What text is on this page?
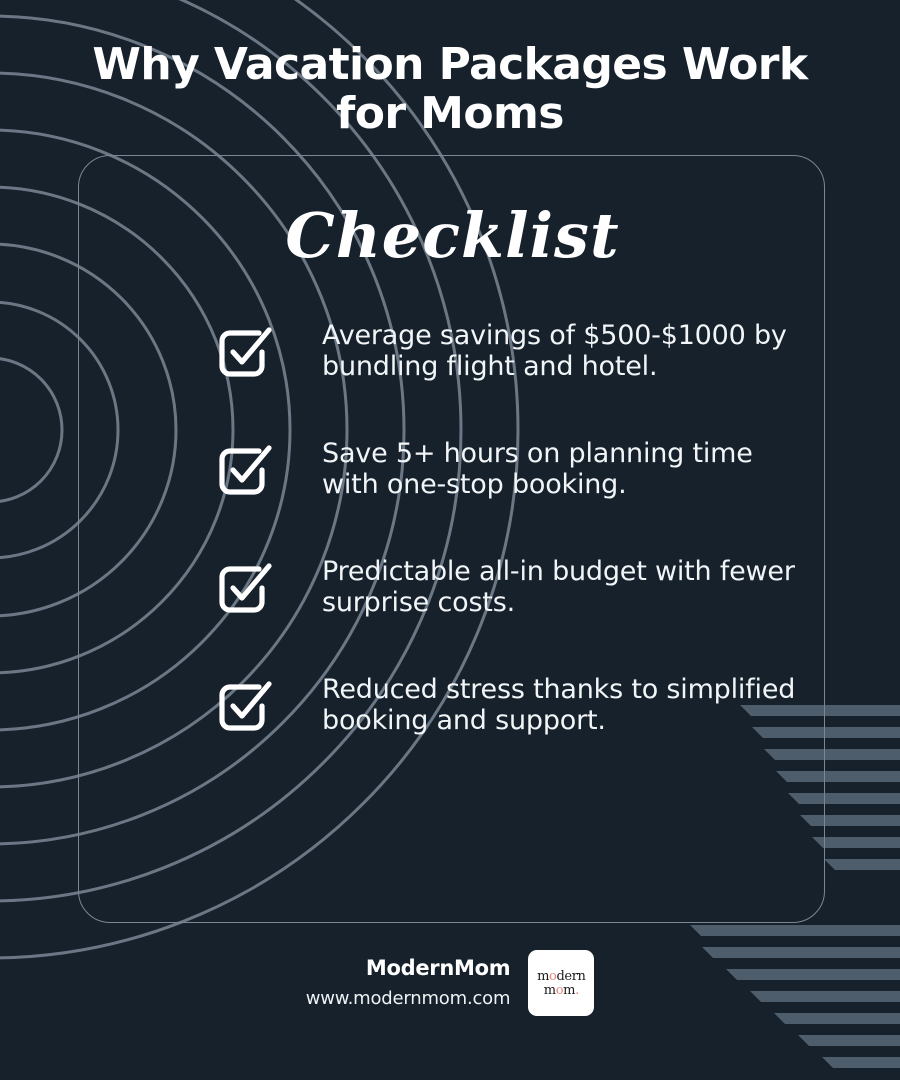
Why Vacation Packages Work
for Moms
Checklist
Average savings of $500-$1000 by bundling flight and hotel.
Save 5+ hours on planning time with one-stop booking.
Predictable all-in budget with fewer surprise costs.
Reduced stress thanks to simplified booking and support.
ModernMom
www.modernmom.com
modern
mom.
